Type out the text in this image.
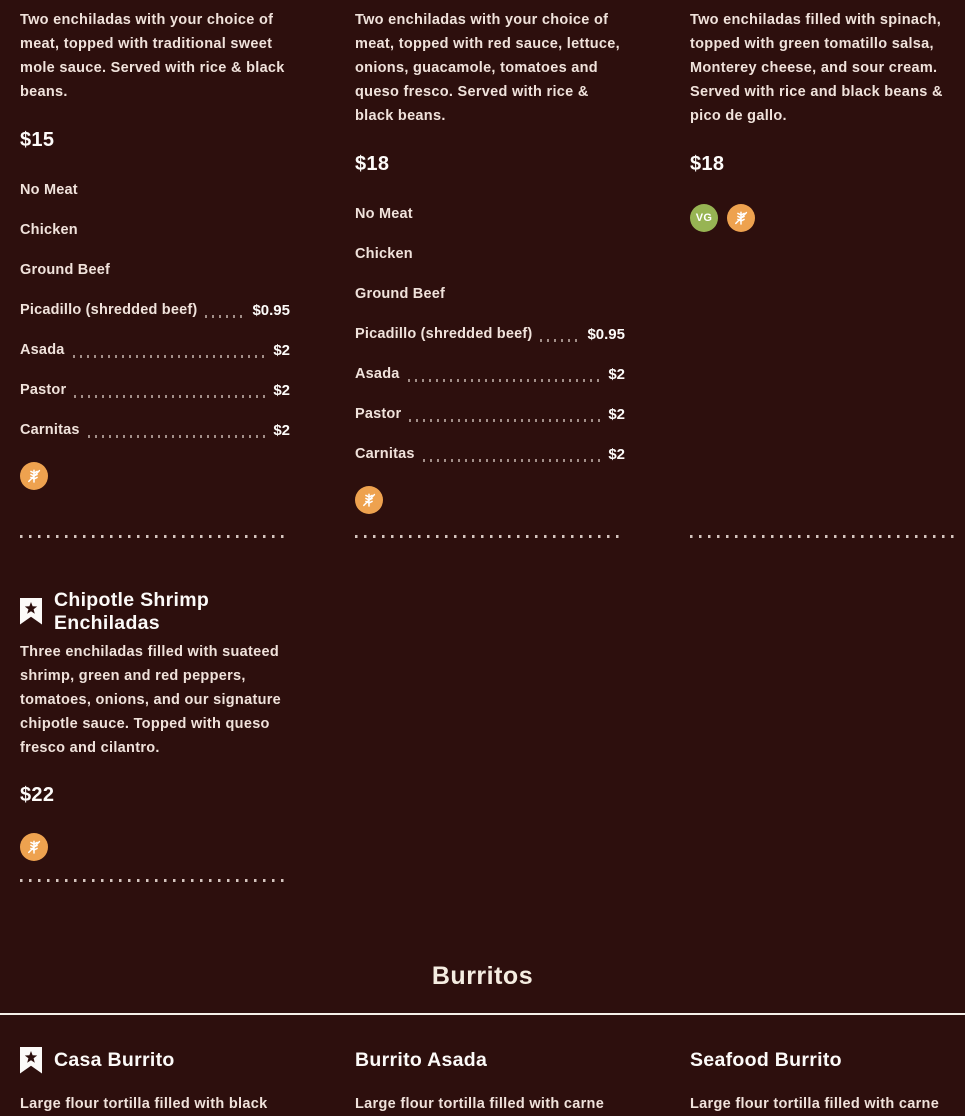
Two enchiladas with your choice of meat, topped with traditional sweet mole sauce. Served with rice & black beans.

$15
No Meat
Chicken
Ground Beef
Picadillo (shredded beef)	$0.95
Asada	$2
Pastor	$2
Carnitas	$2

Two enchiladas with your choice of meat, topped with red sauce, lettuce, onions, guacamole, tomatoes and queso fresco. Served with rice & black beans.

$18
No Meat
Chicken
Ground Beef
Picadillo (shredded beef)	$0.95
Asada	$2
Pastor	$2
Carnitas	$2

Two enchiladas filled with spinach, topped with green tomatillo salsa, Monterey cheese, and sour cream. Served with rice and black beans & pico de gallo.

$18
VG
Chipotle Shrimp Enchiladas

Three enchiladas filled with suateed shrimp, green and red peppers, tomatoes, onions, and our signature chipotle sauce. Topped with queso fresco and cilantro.

$22
Burritos
Casa Burrito

Large flour tortilla filled with black

Burrito Asada

Large flour tortilla filled with carne

Seafood Burrito

Large flour tortilla filled with carne
